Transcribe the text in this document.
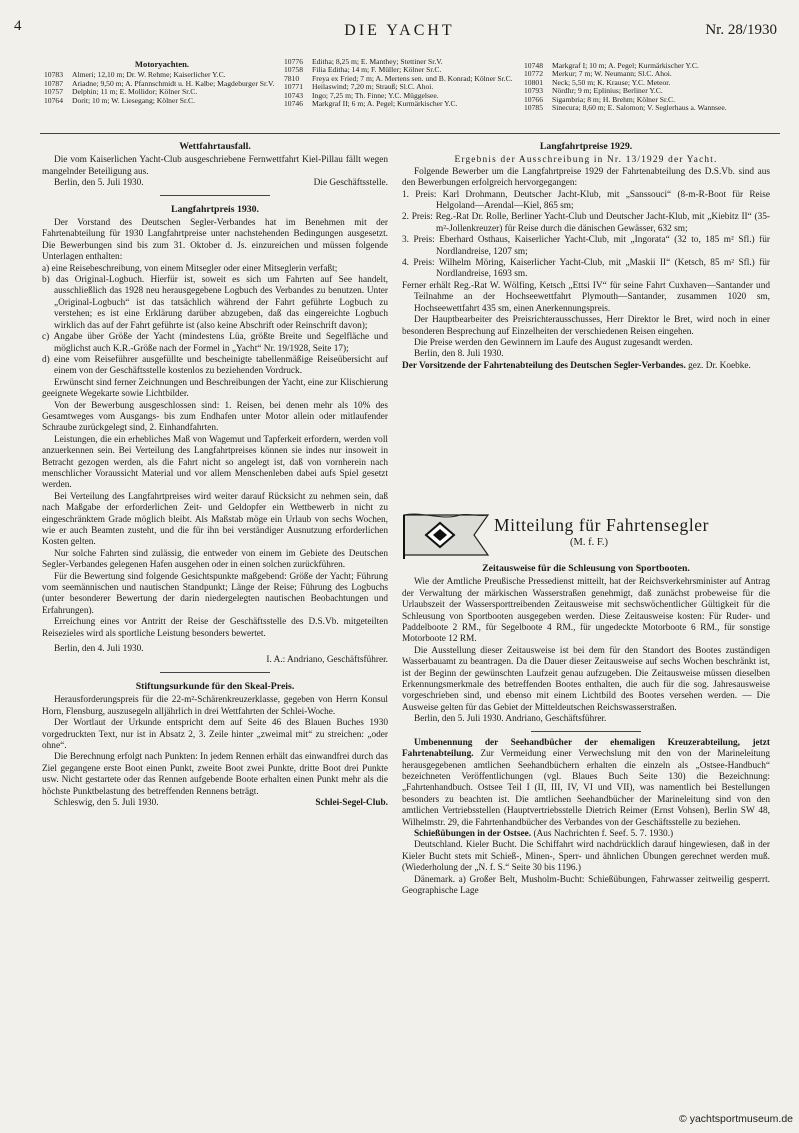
4	DIE YACHT	Nr. 28/1930
Motoryachten.
10783	Almeri; 12,10 m; Dr. W. Rehme; Kaiserlicher Y.C.
10787	Ariadne; 9,50 m; A. Pfannschmidt u. H. Kalbe; Magdeburger Sr.V.
10757	Delphin; 11 m; E. Mollidor; Kölner Sr.C.
10764	Dorit; 10 m; W. Liesegang; Kölner Sr.C.
10776	Editha; 8,25 m; E. Manthey; Stettiner Sr.V.
10758	Filia Editha; 14 m; F. Müller; Kölner Sr.C.
7810	Freya ex Fried; 7 m; A. Mertens sen. und B. Konrad; Kölner Sr.C.
10771	Heilaswind; 7,20 m; Strauß; Sl.C. Ahoi.
10743	Ingo; 7,25 m; Th. Finne; Y.C. Müggelsee.
10746	Markgraf II; 6 m; A. Pegel; Kurmärkischer Y.C.
10748	Markgraf I; 10 m; A. Pegel; Kurmärkischer Y.C.
10772	Merkur; 7 m; W. Neumann; Sl.C. Ahoi.
10801	Neck; 5,50 m; K. Krause; Y.C. Meteor.
10793	Nördhr; 9 m; Eplinius; Berliner Y.C.
10766	Sigambria; 8 m; H. Brehm; Kölner Sr.C.
10785	Sinecura; 8,60 m; E. Salomon; V. Seglerhaus a. Wannsee.
Wettfahrtausfall.

Die vom Kaiserlichen Yacht-Club ausgeschriebene Fernwettfahrt Kiel-Pillau fällt wegen mangelnder Beteiligung aus.

Berlin, den 5. Juli 1930.	Die Geschäftsstelle.
Langfahrtpreis 1930.

Der Vorstand des Deutschen Segler-Verbandes hat im Benehmen mit der Fahrtenabteilung für 1930 Langfahrtpreise unter nachstehenden Bedingungen ausgesetzt. Die Bewerbungen sind bis zum 31. Oktober d. Js. einzureichen und müssen folgende Unterlagen enthalten:

a) eine Reisebeschreibung, von einem Mitsegler oder einer Mitseglerin verfaßt;

b) das Original-Logbuch. Hierfür ist, soweit es sich um Fahrten auf See handelt, ausschließlich das 1928 neu herausgegebene Logbuch des Verbandes zu benutzen. Unter „Original-Logbuch“ ist das tatsächlich während der Fahrt geführte Logbuch zu verstehen; es ist eine Erklärung darüber abzugeben, daß das eingereichte Logbuch wirklich das auf der Fahrt geführte ist (also keine Abschrift oder Reinschrift davon);

c) Angabe über Größe der Yacht (mindestens Lüa, größte Breite und Segelfläche und möglichst auch K.R.-Größe nach der Formel in „Yacht“ Nr. 19/1928, Seite 17);

d) eine vom Reiseführer ausgefüllte und bescheinigte tabellenmäßige Reiseübersicht auf einem von der Geschäftsstelle kostenlos zu beziehenden Vordruck.

Erwünscht sind ferner Zeichnungen und Beschreibungen der Yacht, eine zur Klischierung geeignete Wegekarte sowie Lichtbilder.

Von der Bewerbung ausgeschlossen sind: 1. Reisen, bei denen mehr als 10% des Gesamtweges vom Ausgangs- bis zum Endhafen unter Motor allein oder mitlaufender Schraube zurückgelegt sind, 2. Einhandfahrten.

Leistungen, die ein erhebliches Maß von Wagemut und Tapferkeit erfordern, werden voll anzuerkennen sein. Bei Verteilung des Langfahrtpreises können sie indes nur insoweit in Betracht gezogen werden, als die Fahrt nicht so angelegt ist, daß von vornherein nach menschlicher Voraussicht Material und vor allem Menschenleben dabei aufs Spiel gesetzt werden.

Bei Verteilung des Langfahrtpreises wird weiter darauf Rücksicht zu nehmen sein, daß nach Maßgabe der erforderlichen Zeit- und Geldopfer ein Wettbewerb in nicht zu eingeschränktem Grade möglich bleibt. Als Maßstab möge ein Urlaub von sechs Wochen, wie er auch Beamten zusteht, und die für ihn bei verständiger Ausnutzung erforderlichen Kosten gelten.

Nur solche Fahrten sind zulässig, die entweder von einem im Gebiete des Deutschen Segler-Verbandes gelegenen Hafen ausgehen oder in einen solchen zurückführen.

Für die Bewertung sind folgende Gesichtspunkte maßgebend: Größe der Yacht; Führung vom seemännischen und nautischen Standpunkt; Länge der Reise; Führung des Logbuchs (unter besonderer Bewertung der darin niedergelegten nautischen Beobachtungen und Erfahrungen).

Erreichung eines vor Antritt der Reise der Geschäftsstelle des D.S.Vb. mitgeteilten Reisezieles wird als sportliche Leistung besonders bewertet.

Berlin, den 4. Juli 1930.

I. A.: Andriano, Geschäftsführer.

Stiftungsurkunde für den Skeal-Preis.

Herausforderungspreis für die 22-m²-Schärenkreuzerklasse, gegeben von Herrn Konsul Horn, Flensburg, auszusegeln alljährlich in drei Wettfahrten der Schlei-Woche.

Der Wortlaut der Urkunde entspricht dem auf Seite 46 des Blauen Buches 1930 vorgedruckten Text, nur ist in Absatz 2, 3. Zeile hinter „zweimal mit“ zu streichen: „oder ohne“.

Die Berechnung erfolgt nach Punkten: In jedem Rennen erhält das einwandfrei durch das Ziel gegangene erste Boot einen Punkt, zweite Boot zwei Punkte, dritte Boot drei Punkte usw. Nicht gestartete oder das Rennen aufgebende Boote erhalten einen Punkt mehr als die höchste Punktbelastung des betreffenden Rennens beträgt.

Schleswig, den 5. Juli 1930.	Schlei-Segel-Club.
Langfahrtpreise 1929.

Ergebnis der Ausschreibung in Nr. 13/1929 der Yacht.

Folgende Bewerber um die Langfahrtpreise 1929 der Fahrtenabteilung des D.S.Vb. sind aus den Bewerbungen erfolgreich hervorgegangen:

1. Preis: Karl Drohmann, Deutscher Jacht-Klub, mit „Sanssouci“ (8-m-R-Boot für Reise Helgoland—Arendal—Kiel, 865 sm;

2. Preis: Reg.-Rat Dr. Rolle, Berliner Yacht-Club und Deutscher Jacht-Klub, mit „Kiebitz II“ (35-m²-Jollenkreuzer) für Reise durch die dänischen Gewässer, 632 sm;

3. Preis: Eberhard Osthaus, Kaiserlicher Yacht-Club, mit „Ingorata“ (32 to, 185 m² Sfl.) für Nordlandreise, 1207 sm;

4. Preis: Wilhelm Möring, Kaiserlicher Yacht-Club, mit „Maskii II“ (Ketsch, 85 m² Sfl.) für Nordlandreise, 1693 sm.

Ferner erhält Reg.-Rat W. Wölfing, Ketsch „Ettsi IV“ für seine Fahrt Cuxhaven—Santander und Teilnahme an der Hochseewettfahrt Plymouth—Santander, zusammen 1020 sm, Hochseewettfahrt 435 sm, einen Anerkennungspreis.

Der Hauptbearbeiter des Preisrichterausschusses, Herr Direktor le Bret, wird noch in einer besonderen Besprechung auf Einzelheiten der verschiedenen Reisen eingehen.

Die Preise werden den Gewinnern im Laufe des August zugesandt werden.

Berlin, den 8. Juli 1930.

Der Vorsitzende der Fahrtenabteilung des Deutschen Segler-Verbandes. gez. Dr. Koebke.

Mitteilung für Fahrtensegler
(M. f. F.)
Zeitausweise für die Schleusung von Sportbooten.

Wie der Amtliche Preußische Pressedienst mitteilt, hat der Reichsverkehrsminister auf Antrag der Verwaltung der märkischen Wasserstraßen genehmigt, daß zunächst probeweise für die Urlaubszeit der Wassersporttreibenden Zeitausweise mit sechswöchentlicher Gültigkeit für die Schleusung von Sportbooten ausgegeben werden. Diese Zeitausweise kosten: Für Ruder- und Paddelboote 2 RM., für Segelboote 4 RM., für ungedeckte Motorboote 6 RM., für sonstige Motorboote 12 RM.

Die Ausstellung dieser Zeitausweise ist bei dem für den Standort des Bootes zuständigen Wasserbauamt zu beantragen. Da die Dauer dieser Zeitausweise auf sechs Wochen beschränkt ist, ist der Beginn der gewünschten Laufzeit genau aufzugeben. Die Zeitausweise müssen dieselben Erkennungsmerkmale des betreffenden Bootes enthalten, die auch für die sog. Jahresausweise vorgeschrieben sind, und ebenso mit einem Lichtbild des Bootes versehen werden. — Die Ausweise gelten für das Gebiet der Mitteldeutschen Reichswasserstraßen.

Berlin, den 5. Juli 1930. Andriano, Geschäftsführer.

Umbenennung der Seehandbücher der ehemaligen Kreuzerabteilung, jetzt Fahrtenabteilung. Zur Vermeidung einer Verwechslung mit den von der Marineleitung herausgegebenen amtlichen Seehandbüchern erhalten die einzeln als „Ostsee-Handbuch“ bezeichneten Veröffentlichungen (vgl. Blaues Buch Seite 130) die Bezeichnung: „Fahrtenhandbuch. Ostsee Teil I (II, III, IV, VI und VII), was namentlich bei Bestellungen besonders zu beachten ist. Die amtlichen Seehandbücher der Marineleitung sind von den amtlichen Vertriebsstellen (Hauptvertriebsstelle Dietrich Reimer (Ernst Vohsen), Berlin SW 48, Wilhelmstr. 29, die Fahrtenhandbücher des Verbandes von der Geschäftsstelle zu beziehen.

Schießübungen in der Ostsee. (Aus Nachrichten f. Seef. 5. 7. 1930.)

Deutschland. Kieler Bucht. Die Schiffahrt wird nachdrücklich darauf hingewiesen, daß in der Kieler Bucht stets mit Schieß-, Minen-, Sperr- und ähnlichen Übungen gerechnet werden muß. (Wiederholung der „N. f. S.“ Seite 30 bis 1196.)

Dänemark. a) Großer Belt, Musholm-Bucht: Schießübungen, Fahrwasser zeitweilig gesperrt. Geographische Lage

© yachtsportmuseum.de
